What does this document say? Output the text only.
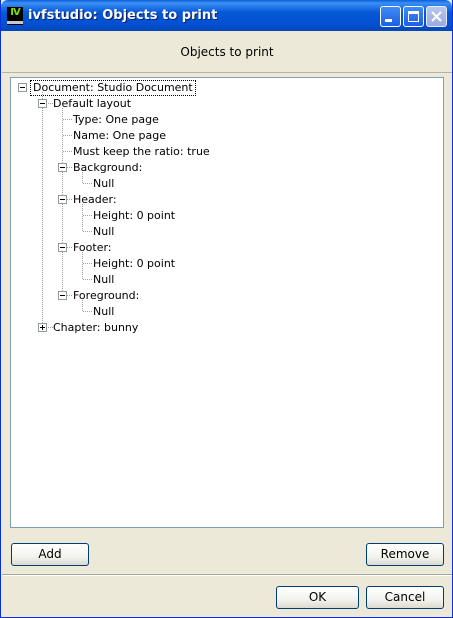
IV ivfstudio: Objects to print
Objects to print
Document: Studio Document
Default layout
Type: One page
Name: One page
Must keep the ratio: true
Background:
Null
Header:
Height: 0 point
Null
Footer:
Height: 0 point
Null
Foreground:
Null
Chapter: bunny
Add	Remove
OK	Cancel
